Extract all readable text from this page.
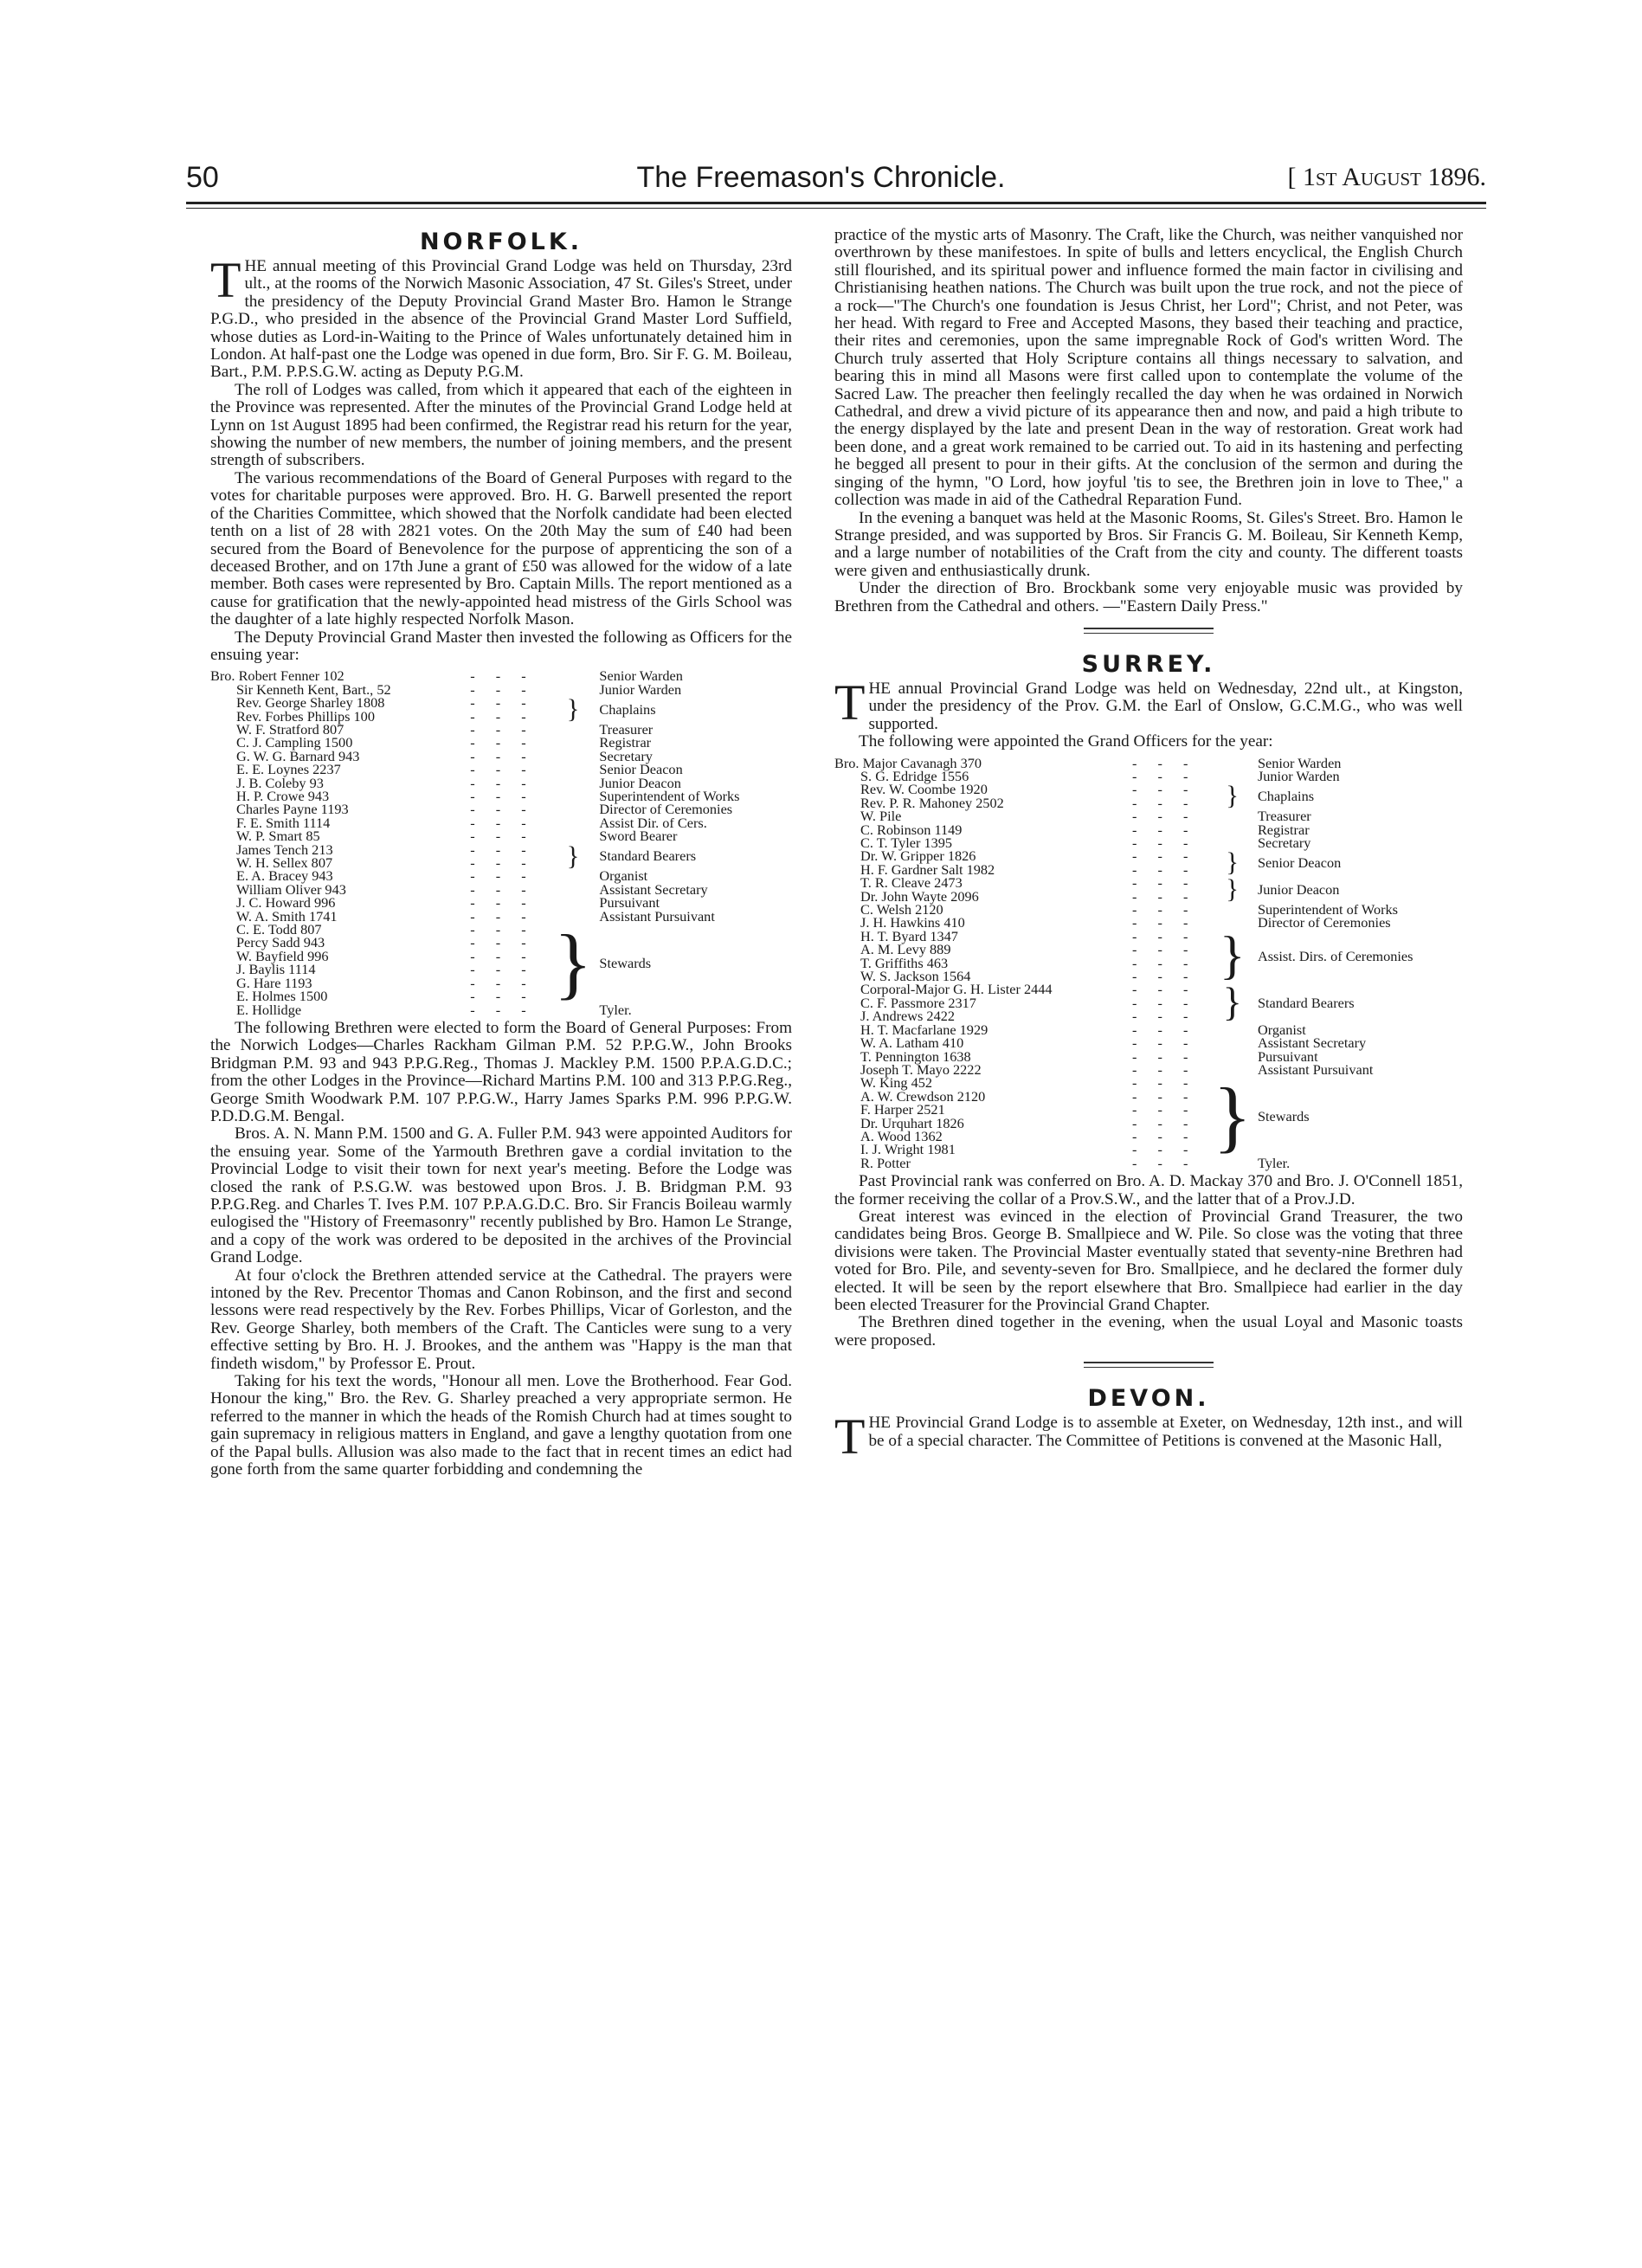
50	The Freemason's Chronicle.	[ 1st August 1896.
NORFOLK.

THE annual meeting of this Provincial Grand Lodge was held on Thursday, 23rd ult., at the rooms of the Norwich Masonic Association, 47 St. Giles's Street, under the presidency of the Deputy Provincial Grand Master Bro. Hamon le Strange P.G.D., who presided in the absence of the Provincial Grand Master Lord Suffield, whose duties as Lord-in-Waiting to the Prince of Wales unfortunately detained him in London. At half-past one the Lodge was opened in due form, Bro. Sir F. G. M. Boileau, Bart., P.M. P.P.S.G.W. acting as Deputy P.G.M.

The roll of Lodges was called, from which it appeared that each of the eighteen in the Province was represented. After the minutes of the Provincial Grand Lodge held at Lynn on 1st August 1895 had been confirmed, the Registrar read his return for the year, showing the number of new members, the number of joining members, and the present strength of subscribers.

The various recommendations of the Board of General Purposes with regard to the votes for charitable purposes were approved. Bro. H. G. Barwell presented the report of the Charities Committee, which showed that the Norfolk candidate had been elected tenth on a list of 28 with 2821 votes. On the 20th May the sum of £40 had been secured from the Board of Benevolence for the purpose of apprenticing the son of a deceased Brother, and on 17th June a grant of £50 was allowed for the widow of a late member. Both cases were represented by Bro. Captain Mills. The report mentioned as a cause for gratification that the newly-appointed head mistress of the Girls School was the daughter of a late highly respected Norfolk Mason.

The Deputy Provincial Grand Master then invested the following as Officers for the ensuing year:

Bro. Robert Fenner 102	- - -		Senior Warden
Sir Kenneth Kent, Bart., 52	- - -		Junior Warden
Rev. George Sharley 1808	- - -	}	Chaplains
Rev. Forbes Phillips 100	- - -		
W. F. Stratford 807	- - -		Treasurer
C. J. Campling 1500	- - -		Registrar
G. W. G. Barnard 943	- - -		Secretary
E. E. Loynes 2237	- - -		Senior Deacon
J. B. Coleby 93	- - -		Junior Deacon
H. P. Crowe 943	- - -		Superintendent of Works
Charles Payne 1193	- - -		Director of Ceremonies
F. E. Smith 1114	- - -		Assist Dir. of Cers.
W. P. Smart 85	- - -		Sword Bearer
James Tench 213	- - -	}	Standard Bearers
W. H. Sellex 807	- - -		
E. A. Bracey 943	- - -		Organist
William Oliver 943	- - -		Assistant Secretary
J. C. Howard 996	- - -		Pursuivant
W. A. Smith 1741	- - -		Assistant Pursuivant
C. E. Todd 807	- - -	}	Stewards
Percy Sadd 943	- - -		
W. Bayfield 996	- - -		
J. Baylis 1114	- - -		
G. Hare 1193	- - -		
E. Holmes 1500	- - -		
E. Hollidge	- - -		Tyler.

The following Brethren were elected to form the Board of General Purposes: From the Norwich Lodges—Charles Rackham Gilman P.M. 52 P.P.G.W., John Brooks Bridgman P.M. 93 and 943 P.P.G.Reg., Thomas J. Mackley P.M. 1500 P.P.A.G.D.C.; from the other Lodges in the Province—Richard Martins P.M. 100 and 313 P.P.G.Reg., George Smith Woodwark P.M. 107 P.P.G.W., Harry James Sparks P.M. 996 P.P.G.W. P.D.D.G.M. Bengal.

Bros. A. N. Mann P.M. 1500 and G. A. Fuller P.M. 943 were appointed Auditors for the ensuing year. Some of the Yarmouth Brethren gave a cordial invitation to the Provincial Lodge to visit their town for next year's meeting. Before the Lodge was closed the rank of P.S.G.W. was bestowed upon Bros. J. B. Bridgman P.M. 93 P.P.G.Reg. and Charles T. Ives P.M. 107 P.P.A.G.D.C. Bro. Sir Francis Boileau warmly eulogised the "History of Freemasonry" recently published by Bro. Hamon Le Strange, and a copy of the work was ordered to be deposited in the archives of the Provincial Grand Lodge.

At four o'clock the Brethren attended service at the Cathedral. The prayers were intoned by the Rev. Precentor Thomas and Canon Robinson, and the first and second lessons were read respectively by the Rev. Forbes Phillips, Vicar of Gorleston, and the Rev. George Sharley, both members of the Craft. The Canticles were sung to a very effective setting by Bro. H. J. Brookes, and the anthem was "Happy is the man that findeth wisdom," by Professor E. Prout.

Taking for his text the words, "Honour all men. Love the Brotherhood. Fear God. Honour the king," Bro. the Rev. G. Sharley preached a very appropriate sermon. He referred to the manner in which the heads of the Romish Church had at times sought to gain supremacy in religious matters in England, and gave a lengthy quotation from one of the Papal bulls. Allusion was also made to the fact that in recent times an edict had gone forth from the same quarter forbidding and condemning the

practice of the mystic arts of Masonry. The Craft, like the Church, was neither vanquished nor overthrown by these manifestoes. In spite of bulls and letters encyclical, the English Church still flourished, and its spiritual power and influence formed the main factor in civilising and Christianising heathen nations. The Church was built upon the true rock, and not the piece of a rock—"The Church's one foundation is Jesus Christ, her Lord"; Christ, and not Peter, was her head. With regard to Free and Accepted Masons, they based their teaching and practice, their rites and ceremonies, upon the same impregnable Rock of God's written Word. The Church truly asserted that Holy Scripture contains all things necessary to salvation, and bearing this in mind all Masons were first called upon to contemplate the volume of the Sacred Law. The preacher then feelingly recalled the day when he was ordained in Norwich Cathedral, and drew a vivid picture of its appearance then and now, and paid a high tribute to the energy displayed by the late and present Dean in the way of restoration. Great work had been done, and a great work remained to be carried out. To aid in its hastening and perfecting he begged all present to pour in their gifts. At the conclusion of the sermon and during the singing of the hymn, "O Lord, how joyful 'tis to see, the Brethren join in love to Thee," a collection was made in aid of the Cathedral Reparation Fund.

In the evening a banquet was held at the Masonic Rooms, St. Giles's Street. Bro. Hamon le Strange presided, and was supported by Bros. Sir Francis G. M. Boileau, Sir Kenneth Kemp, and a large number of notabilities of the Craft from the city and county. The different toasts were given and enthusiastically drunk.

Under the direction of Bro. Brockbank some very enjoyable music was provided by Brethren from the Cathedral and others. —"Eastern Daily Press."

SURREY.

THE annual Provincial Grand Lodge was held on Wednesday, 22nd ult., at Kingston, under the presidency of the Prov. G.M. the Earl of Onslow, G.C.M.G., who was well supported.

The following were appointed the Grand Officers for the year:

Bro. Major Cavanagh 370	- - -		Senior Warden
S. G. Edridge 1556	- - -		Junior Warden
Rev. W. Coombe 1920	- - -	}	Chaplains
Rev. P. R. Mahoney 2502	- - -		
W. Pile	- - -		Treasurer
C. Robinson 1149	- - -		Registrar
C. T. Tyler 1395	- - -		Secretary
Dr. W. Gripper 1826	- - -	}	Senior Deacon
H. F. Gardner Salt 1982	- - -		
T. R. Cleave 2473	- - -	}	Junior Deacon
Dr. John Wayte 2096	- - -		
C. Welsh 2120	- - -		Superintendent of Works
J. H. Hawkins 410	- - -		Director of Ceremonies
H. T. Byard 1347	- - -	}	Assist. Dirs. of Ceremonies
A. M. Levy 889	- - -		
T. Griffiths 463	- - -		
W. S. Jackson 1564	- - -		
Corporal-Major G. H. Lister 2444	- - -	}	Standard Bearers
C. F. Passmore 2317	- - -		
J. Andrews 2422	- - -		
H. T. Macfarlane 1929	- - -		Organist
W. A. Latham 410	- - -		Assistant Secretary
T. Pennington 1638	- - -		Pursuivant
Joseph T. Mayo 2222	- - -		Assistant Pursuivant
W. King 452	- - -	}	Stewards
A. W. Crewdson 2120	- - -		
F. Harper 2521	- - -		
Dr. Urquhart 1826	- - -		
A. Wood 1362	- - -		
I. J. Wright 1981	- - -		
R. Potter	- - -		Tyler.

Past Provincial rank was conferred on Bro. A. D. Mackay 370 and Bro. J. O'Connell 1851, the former receiving the collar of a Prov.S.W., and the latter that of a Prov.J.D.

Great interest was evinced in the election of Provincial Grand Treasurer, the two candidates being Bros. George B. Smallpiece and W. Pile. So close was the voting that three divisions were taken. The Provincial Master eventually stated that seventy-nine Brethren had voted for Bro. Pile, and seventy-seven for Bro. Smallpiece, and he declared the former duly elected. It will be seen by the report elsewhere that Bro. Smallpiece had earlier in the day been elected Treasurer for the Provincial Grand Chapter.

The Brethren dined together in the evening, when the usual Loyal and Masonic toasts were proposed.

DEVON.

THE Provincial Grand Lodge is to assemble at Exeter, on Wednesday, 12th inst., and will be of a special character. The Committee of Petitions is convened at the Masonic Hall,
